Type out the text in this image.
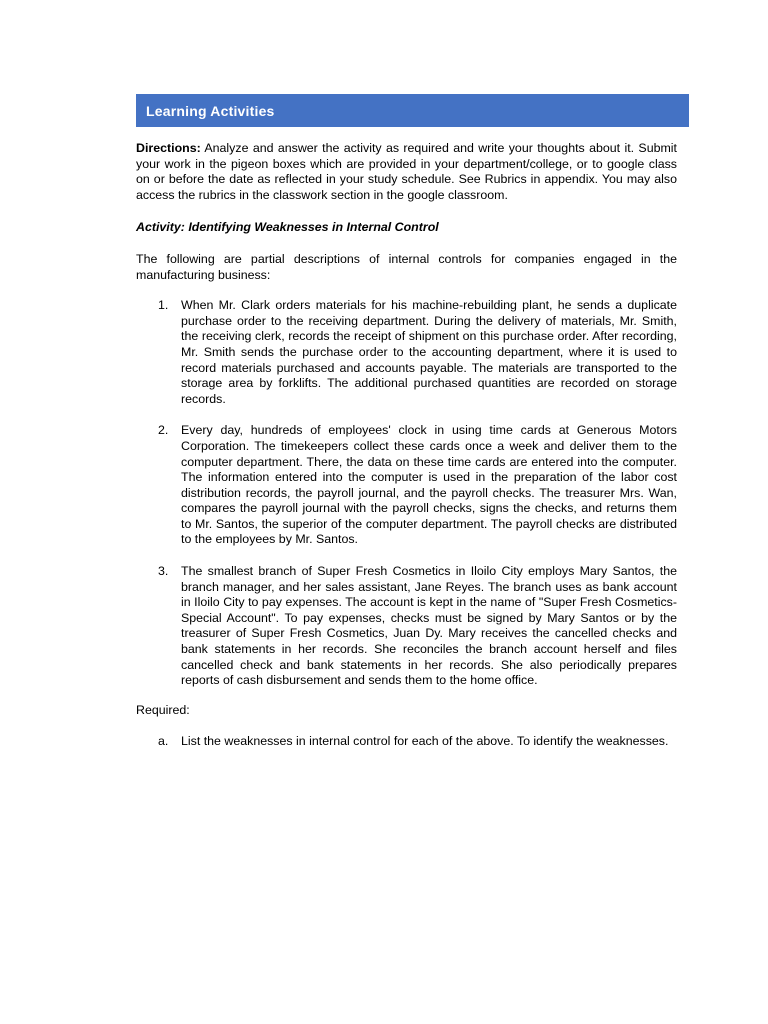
Learning Activities

Directions: Analyze and answer the activity as required and write your thoughts about it. Submit your work in the pigeon boxes which are provided in your department/college, or to google class on or before the date as reflected in your study schedule. See Rubrics in appendix. You may also access the rubrics in the classwork section in the google classroom.

Activity: Identifying Weaknesses in Internal Control

The following are partial descriptions of internal controls for companies engaged in the manufacturing business:

1.	When Mr. Clark orders materials for his machine-rebuilding plant, he sends a duplicate purchase order to the receiving department. During the delivery of materials, Mr. Smith, the receiving clerk, records the receipt of shipment on this purchase order. After recording, Mr. Smith sends the purchase order to the accounting department, where it is used to record materials purchased and accounts payable. The materials are transported to the storage area by forklifts. The additional purchased quantities are recorded on storage records.

2.	Every day, hundreds of employees' clock in using time cards at Generous Motors Corporation. The timekeepers collect these cards once a week and deliver them to the computer department. There, the data on these time cards are entered into the computer. The information entered into the computer is used in the preparation of the labor cost distribution records, the payroll journal, and the payroll checks. The treasurer Mrs. Wan, compares the payroll journal with the payroll checks, signs the checks, and returns them to Mr. Santos, the superior of the computer department. The payroll checks are distributed to the employees by Mr. Santos.

3.	The smallest branch of Super Fresh Cosmetics in Iloilo City employs Mary Santos, the branch manager, and her sales assistant, Jane Reyes. The branch uses as bank account in Iloilo City to pay expenses. The account is kept in the name of "Super Fresh Cosmetics- Special Account". To pay expenses, checks must be signed by Mary Santos or by the treasurer of Super Fresh Cosmetics, Juan Dy. Mary receives the cancelled checks and bank statements in her records. She reconciles the branch account herself and files cancelled check and bank statements in her records. She also periodically prepares reports of cash disbursement and sends them to the home office.

Required:
a.	List the weaknesses in internal control for each of the above. To identify the weaknesses.
